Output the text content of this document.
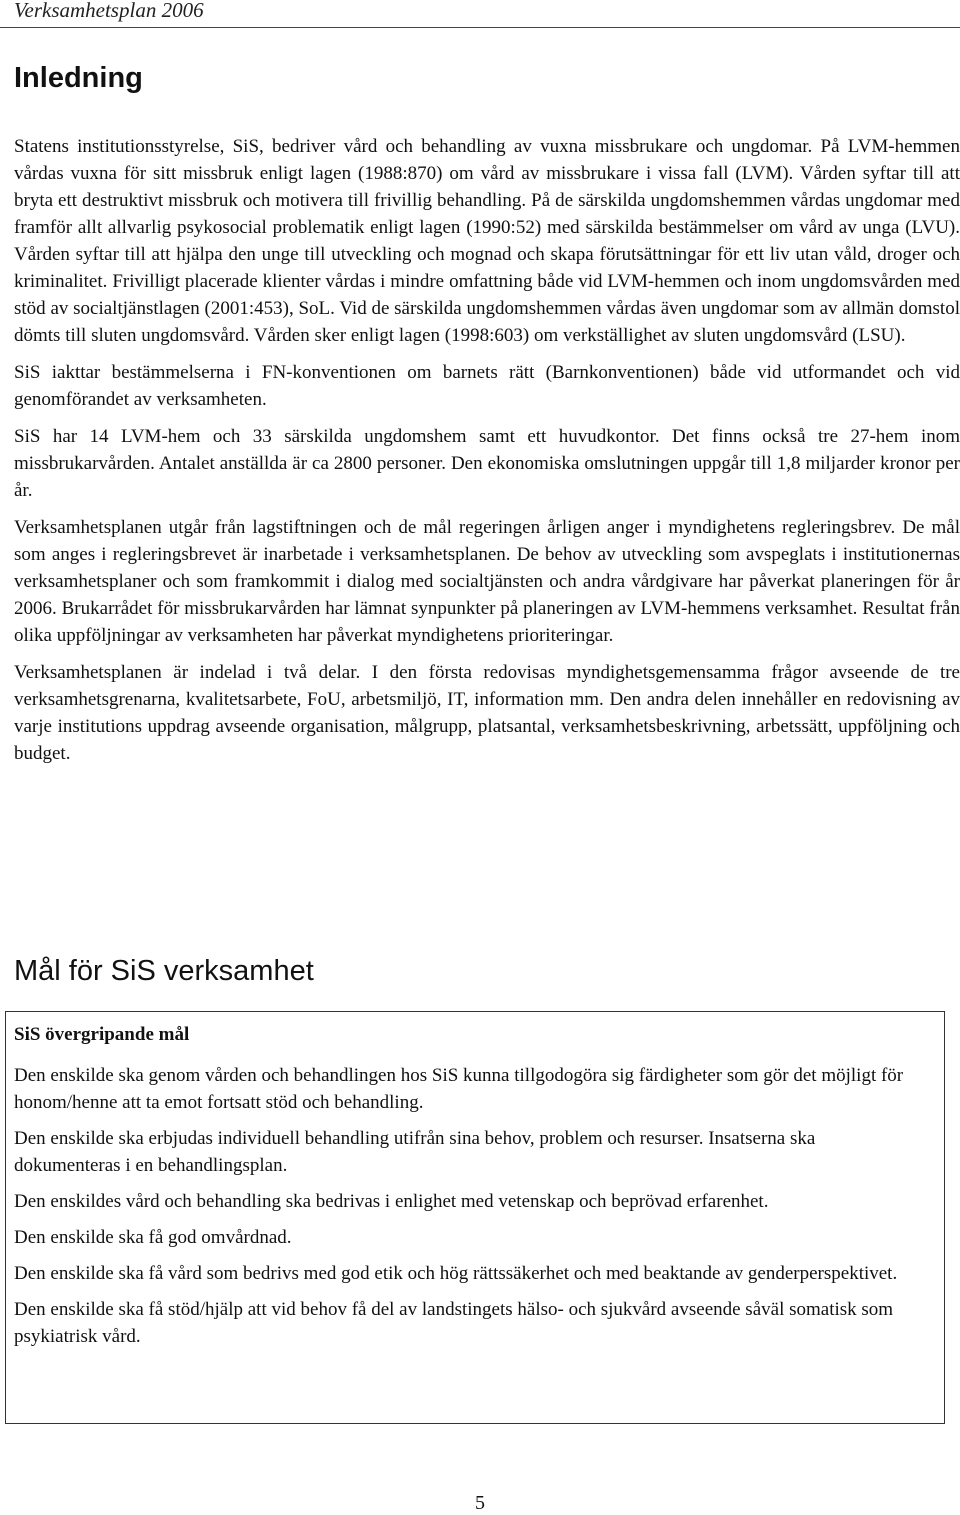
Verksamhetsplan 2006
Inledning

Statens institutionsstyrelse, SiS, bedriver vård och behandling av vuxna missbrukare och ungdomar. På LVM-hemmen vårdas vuxna för sitt missbruk enligt lagen (1988:870) om vård av missbrukare i vissa fall (LVM). Vården syftar till att bryta ett destruktivt missbruk och motivera till frivillig behandling. På de särskilda ungdomshemmen vårdas ungdomar med framför allt allvarlig psykosocial problematik enligt lagen (1990:52) med särskilda bestämmelser om vård av unga (LVU). Vården syftar till att hjälpa den unge till utveckling och mognad och skapa förutsättningar för ett liv utan våld, droger och kriminalitet. Frivilligt placerade klienter vårdas i mindre omfattning både vid LVM-hemmen och inom ungdomsvården med stöd av socialtjänstlagen (2001:453), SoL. Vid de särskilda ungdomshemmen vårdas även ungdomar som av allmän domstol dömts till sluten ungdomsvård. Vården sker enligt lagen (1998:603) om verkställighet av sluten ungdomsvård (LSU).

SiS iakttar bestämmelserna i FN-konventionen om barnets rätt (Barnkonventionen) både vid utformandet och vid genomförandet av verksamheten.

SiS har 14 LVM-hem och 33 särskilda ungdomshem samt ett huvudkontor. Det finns också tre 27-hem inom missbrukarvården. Antalet anställda är ca 2800 personer. Den ekonomiska omslutningen uppgår till 1,8 miljarder kronor per år.

Verksamhetsplanen utgår från lagstiftningen och de mål regeringen årligen anger i myndighetens regleringsbrev. De mål som anges i regleringsbrevet är inarbetade i verksamhetsplanen. De behov av utveckling som avspeglats i institutionernas verksamhetsplaner och som framkommit i dialog med socialtjänsten och andra vårdgivare har påverkat planeringen för år 2006. Brukarrådet för missbrukarvården har lämnat synpunkter på planeringen av LVM-hemmens verksamhet. Resultat från olika uppföljningar av verksamheten har påverkat myndighetens prioriteringar.

Verksamhetsplanen är indelad i två delar. I den första redovisas myndighetsgemensamma frågor avseende de tre verksamhetsgrenarna, kvalitetsarbete, FoU, arbetsmiljö, IT, information mm. Den andra delen innehåller en redovisning av varje institutions uppdrag avseende organisation, målgrupp, platsantal, verksamhetsbeskrivning, arbetssätt, uppföljning och budget.

Mål för SiS verksamhet
SiS övergripande mål

Den enskilde ska genom vården och behandlingen hos SiS kunna tillgodogöra sig färdigheter som gör det möjligt för honom/henne att ta emot fortsatt stöd och behandling.

Den enskilde ska erbjudas individuell behandling utifrån sina behov, problem och resurser. Insatserna ska dokumenteras i en behandlingsplan.

Den enskildes vård och behandling ska bedrivas i enlighet med vetenskap och beprövad erfarenhet.

Den enskilde ska få god omvårdnad.

Den enskilde ska få vård som bedrivs med god etik och hög rättssäkerhet och med beaktande av genderperspektivet.

Den enskilde ska få stöd/hjälp att vid behov få del av landstingets hälso- och sjukvård avseende såväl somatisk som psykiatrisk vård.

5
